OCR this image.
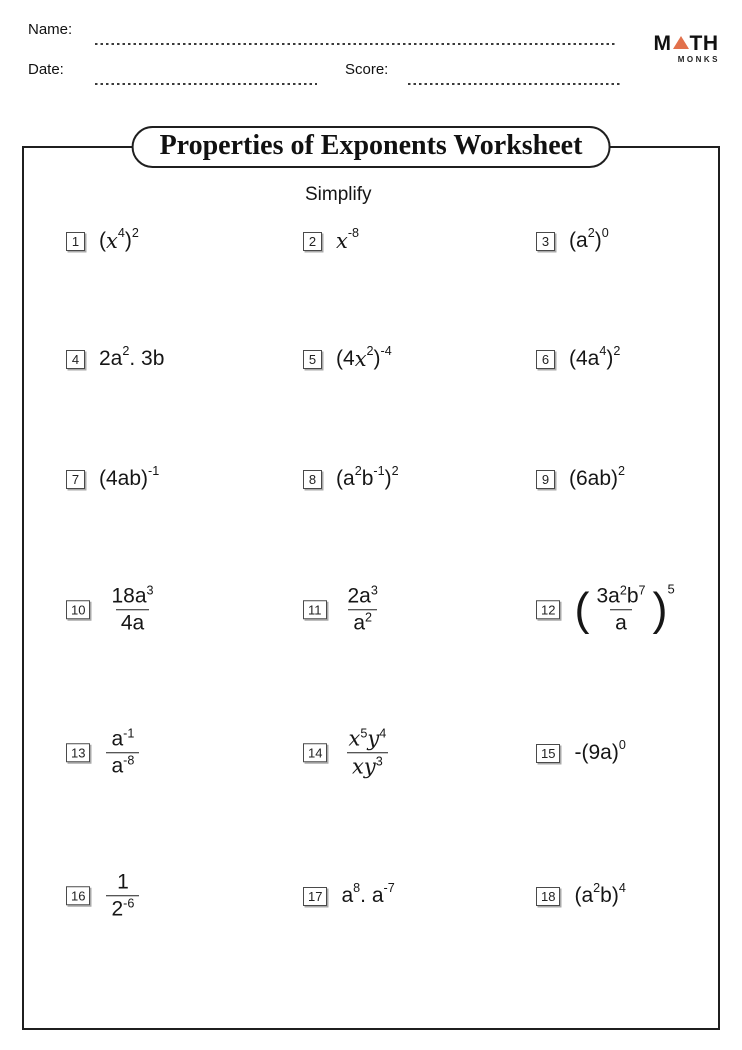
Name:
Date:	Score:
M TH
MONKS
Properties of Exponents Worksheet
Simplify
1 ( x 4 ) 2
2 x -8
3 (a 2 ) 0
4 2a 2 . 3b	5 (4 x 2 ) -4
6 (4a 4 ) 2
7 (4ab) -1
8 (a 2 b -1 ) 2
9 (6ab) 2
$10 \frac{18a^3}{4a}$	$11 \frac{2a^3}{a^2}$	12 ( $\frac{3a^2b^7}{a}$ ) 5
$13 \frac{a^{-1}}{a^{-8}}$	$14 \frac{x^5y^4}{xy^3}$	15 -(9a) 0
$16 \frac{1}{2^{-6}}$	17 a 8 . a -7
18 (a 2 b) 4
